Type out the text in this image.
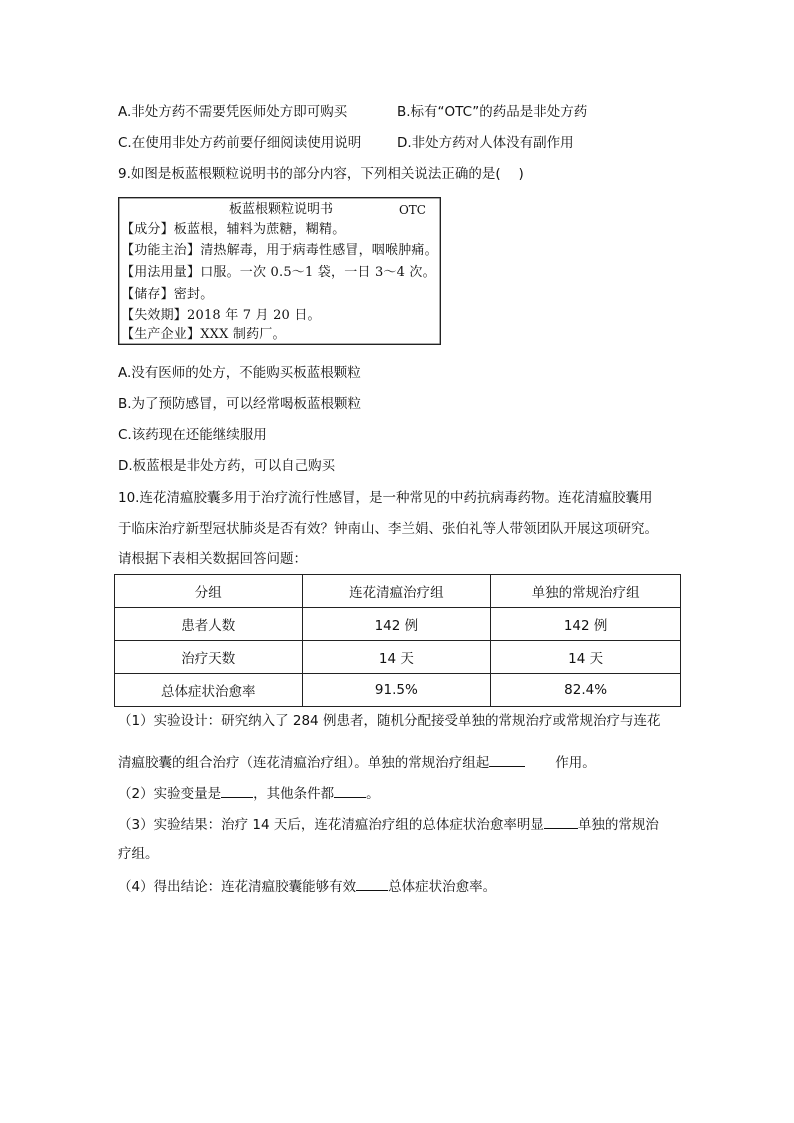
A.非处方药不需要凭医师处方即可购买	B.标有“OTC”的药品是非处方药
C.在使用非处方药前要仔细阅读使用说明	D.非处方药对人体没有副作用
9.如图是板蓝根颗粒说明书的部分内容，下列相关说法正确的是(　 )
板蓝根颗粒说明书	OTC
【成分】板蓝根，辅料为蔗糖，糊精。
【功能主治】清热解毒，用于病毒性感冒，咽喉肿痛。
【用法用量】口服。一次 0.5～1 袋，一日 3～4 次。
【储存】密封。
【失效期】2018 年 7 月 20 日。
【生产企业】XXX 制药厂。
A.没有医师的处方，不能购买板蓝根颗粒
B.为了预防感冒，可以经常喝板蓝根颗粒
C.该药现在还能继续服用
D.板蓝根是非处方药，可以自己购买
10.连花清瘟胶囊多用于治疗流行性感冒，是一种常见的中药抗病毒药物。连花清瘟胶囊用
于临床治疗新型冠状肺炎是否有效？钟南山、李兰娟、张伯礼等人带领团队开展这项研究。
请根据下表相关数据回答问题：
分组	连花清瘟治疗组	单独的常规治疗组
患者人数	142 例	142 例
治疗天数	14 天	14 天
总体症状治愈率	91.5%	82.4%
（1）实验设计：研究纳入了 284 例患者，随机分配接受单独的常规治疗或常规治疗与连花
清瘟胶囊的组合治疗（连花清瘟治疗组）。单独的常规治疗组起	作用。
（2）实验变量是 ，其他条件都 。
（3）实验结果：治疗 14 天后，连花清瘟治疗组的总体症状治愈率明显	单独的常规治
疗组。
（4）得出结论：连花清瘟胶囊能够有效 总体症状治愈率。
